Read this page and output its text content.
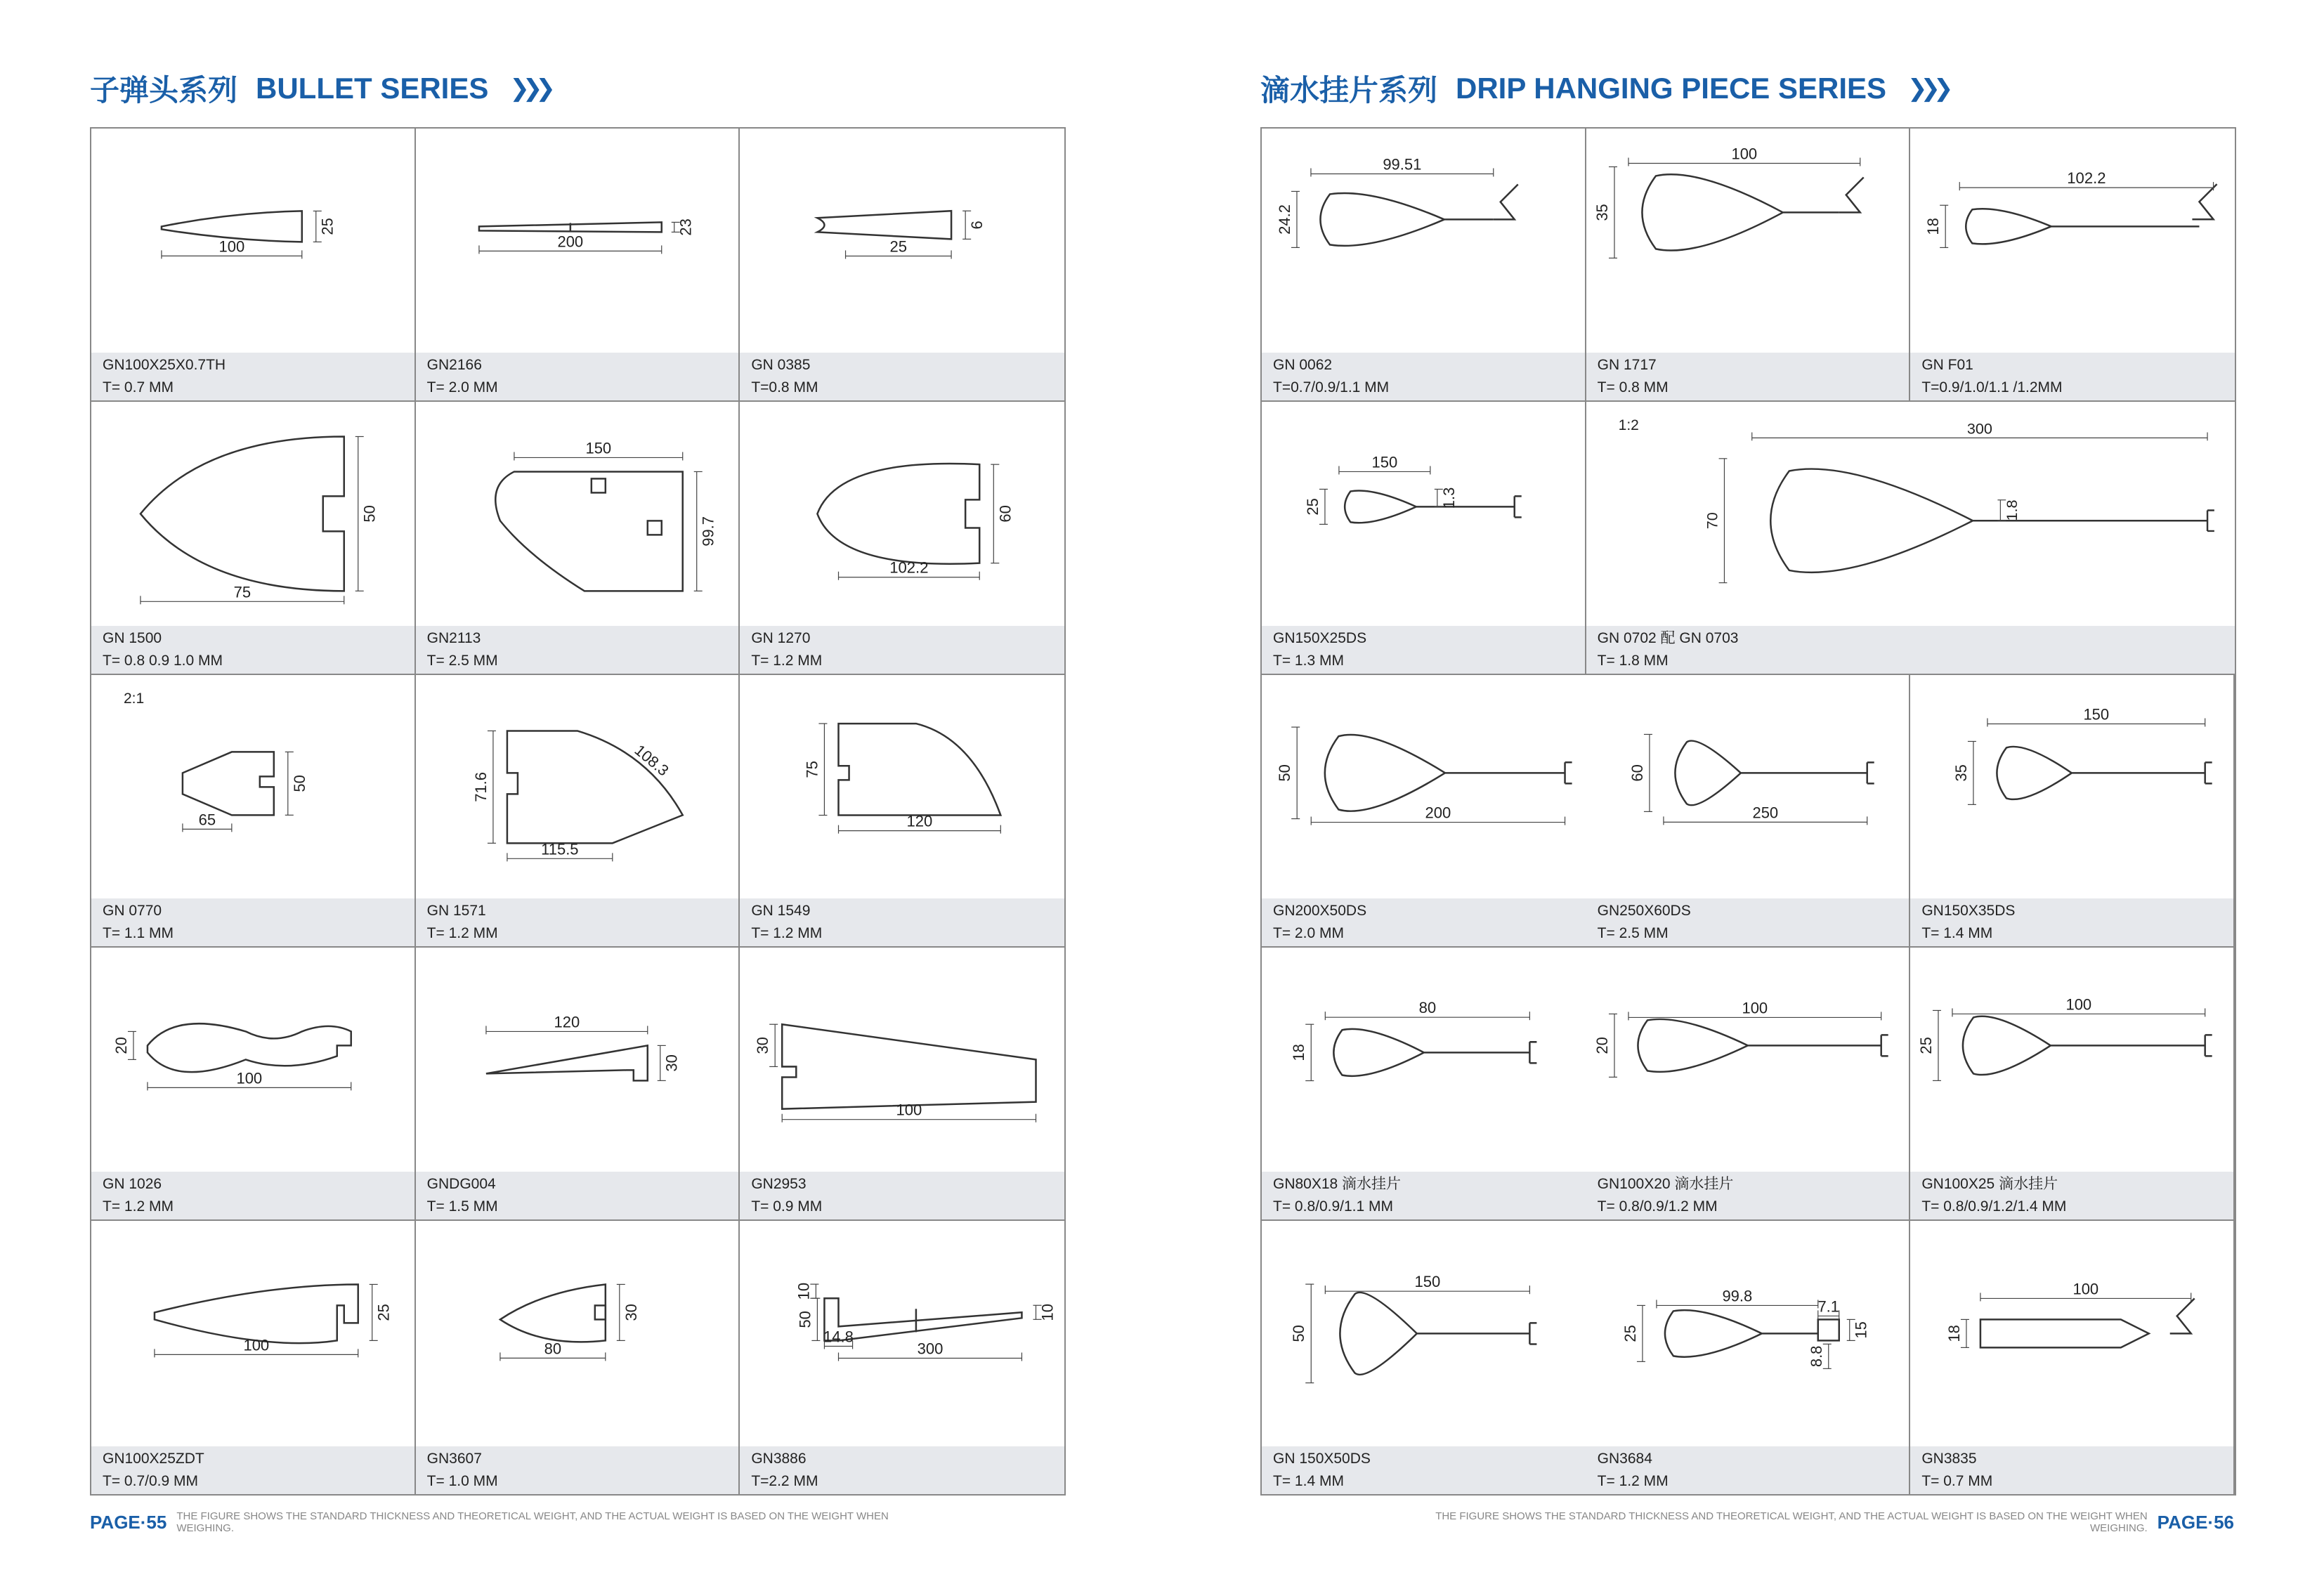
子弹头系列 BULLET SERIES ❯❯❯
100
25
GN100X25X0.7TH
T= 0.7 MM
200
23
GN2166
T= 2.0 MM
25
6
GN 0385
T=0.8 MM
75
50
GN 1500
T= 0.8 0.9 1.0 MM
150
99.7
GN2113
T= 2.5 MM
102.2
60
GN 1270
T= 1.2 MM
65
50
2:1
GN 0770
T= 1.1 MM
115.5
71.6
108.3
GN 1571
T= 1.2 MM
120
75
GN 1549
T= 1.2 MM
100
20
GN 1026
T= 1.2 MM
120
30
GNDG004
T= 1.5 MM
100
30
GN2953
T= 0.9 MM
100
25
GN100X25ZDT
T= 0.7/0.9 MM
80
30
GN3607
T= 1.0 MM
300
50
14.8
10
10
GN3886
T=2.2 MM
PAGE·55 THE FIGURE SHOWS THE STANDARD THICKNESS AND THEORETICAL WEIGHT, AND THE ACTUAL WEIGHT IS BASED ON THE WEIGHT WHEN WEIGHING.
滴水挂片系列 DRIP HANGING PIECE SERIES ❯❯❯
99.51
24.2
GN 0062
T=0.7/0.9/1.1 MM
100
35
GN 1717
T= 0.8 MM
102.2
18
GN F01
T=0.9/1.0/1.1 /1.2MM
150
25	1.3
GN150X25DS
T= 1.3 MM
300
70	1.8
1:2
GN 0702 配 GN 0703
T= 1.8 MM
200
50
GN200X50DS
T= 2.0 MM
250
60
GN250X60DS
T= 2.5 MM
150
35
GN150X35DS
T= 1.4 MM
80
18
GN80X18 滴水挂片
T= 0.8/0.9/1.1 MM
100
20
GN100X20 滴水挂片
T= 0.8/0.9/1.2 MM
100
25
GN100X25 滴水挂片
T= 0.8/0.9/1.2/1.4 MM
150
50
GN 150X50DS
T= 1.4 MM
99.8
25
7.1
15
8.8
GN3684
T= 1.2 MM
100
18
GN3835
T= 0.7 MM
THE FIGURE SHOWS THE STANDARD THICKNESS AND THEORETICAL WEIGHT, AND THE ACTUAL WEIGHT IS BASED ON THE WEIGHT WHEN WEIGHING. PAGE·56
